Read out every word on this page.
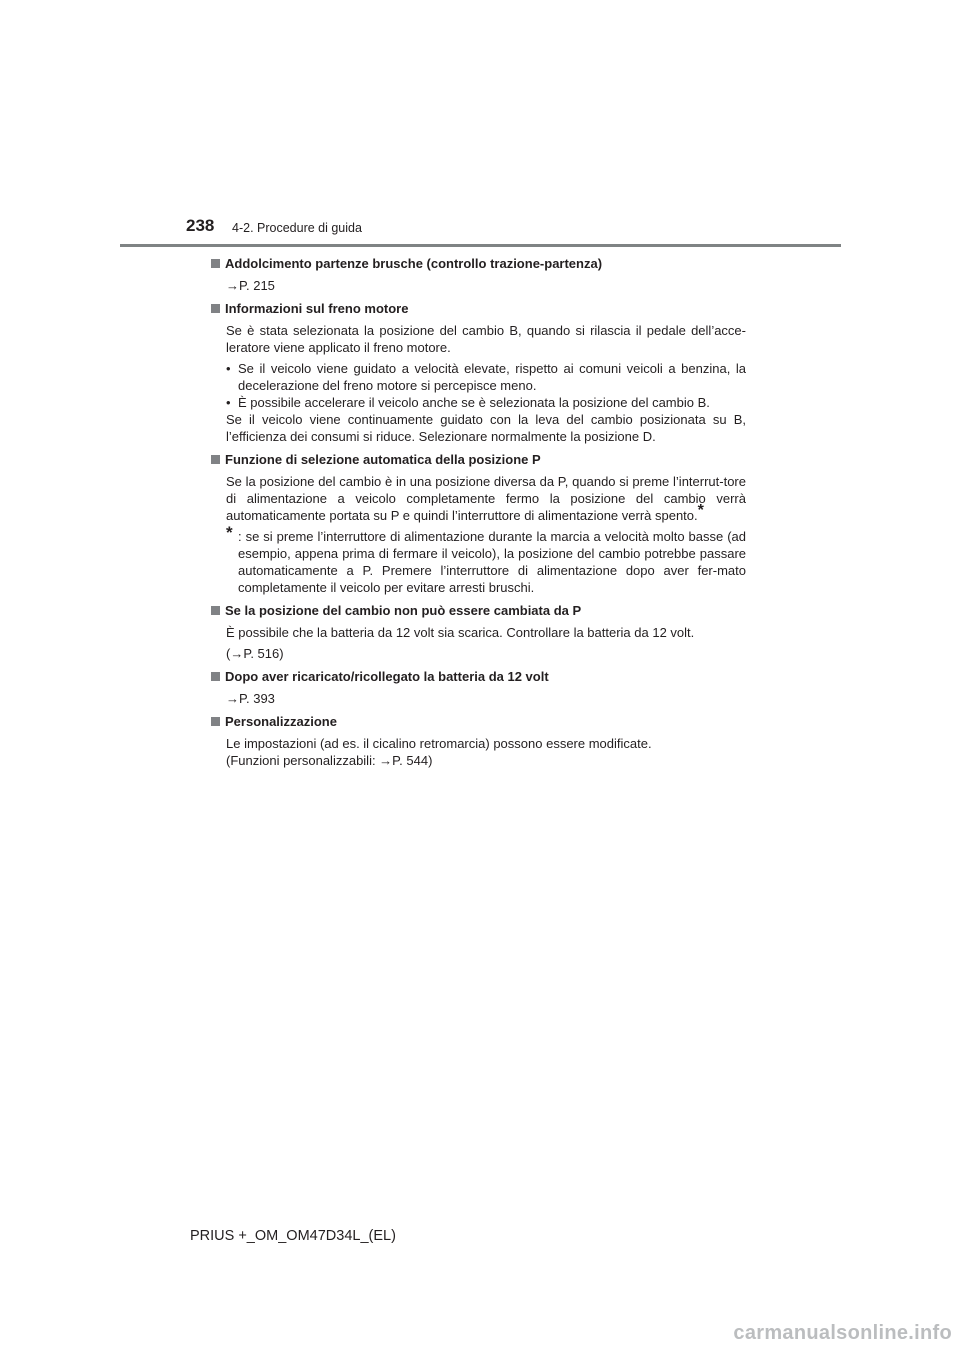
238 4-2. Procedure di guida
Addolcimento partenze brusche (controllo trazione-partenza)

→P. 215

Informazioni sul freno motore

Se è stata selezionata la posizione del cambio B, quando si rilascia il pedale dell’acce-leratore viene applicato il freno motore.

• Se il veicolo viene guidato a velocità elevate, rispetto ai comuni veicoli a benzina, la decelerazione del freno motore si percepisce meno.
• È possibile accelerare il veicolo anche se è selezionata la posizione del cambio B.

Se il veicolo viene continuamente guidato con la leva del cambio posizionata su B, l’efficienza dei consumi si riduce. Selezionare normalmente la posizione D.

Funzione di selezione automatica della posizione P

Se la posizione del cambio è in una posizione diversa da P, quando si preme l’interrut-tore di alimentazione a veicolo completamente fermo la posizione del cambio verrà automaticamente portata su P e quindi l’interruttore di alimentazione verrà spento.*

* : se si preme l’interruttore di alimentazione durante la marcia a velocità molto basse (ad esempio, appena prima di fermare il veicolo), la posizione del cambio potrebbe passare automaticamente a P. Premere l’interruttore di alimentazione dopo aver fer-mato completamente il veicolo per evitare arresti bruschi.
Se la posizione del cambio non può essere cambiata da P

È possibile che la batteria da 12 volt sia scarica. Controllare la batteria da 12 volt.

(→P. 516)

Dopo aver ricaricato/ricollegato la batteria da 12 volt

→P. 393

Personalizzazione

Le impostazioni (ad es. il cicalino retromarcia) possono essere modificate.

(Funzioni personalizzabili: →P. 544)

PRIUS +_OM_OM47D34L_(EL)
carmanualsonline.info
